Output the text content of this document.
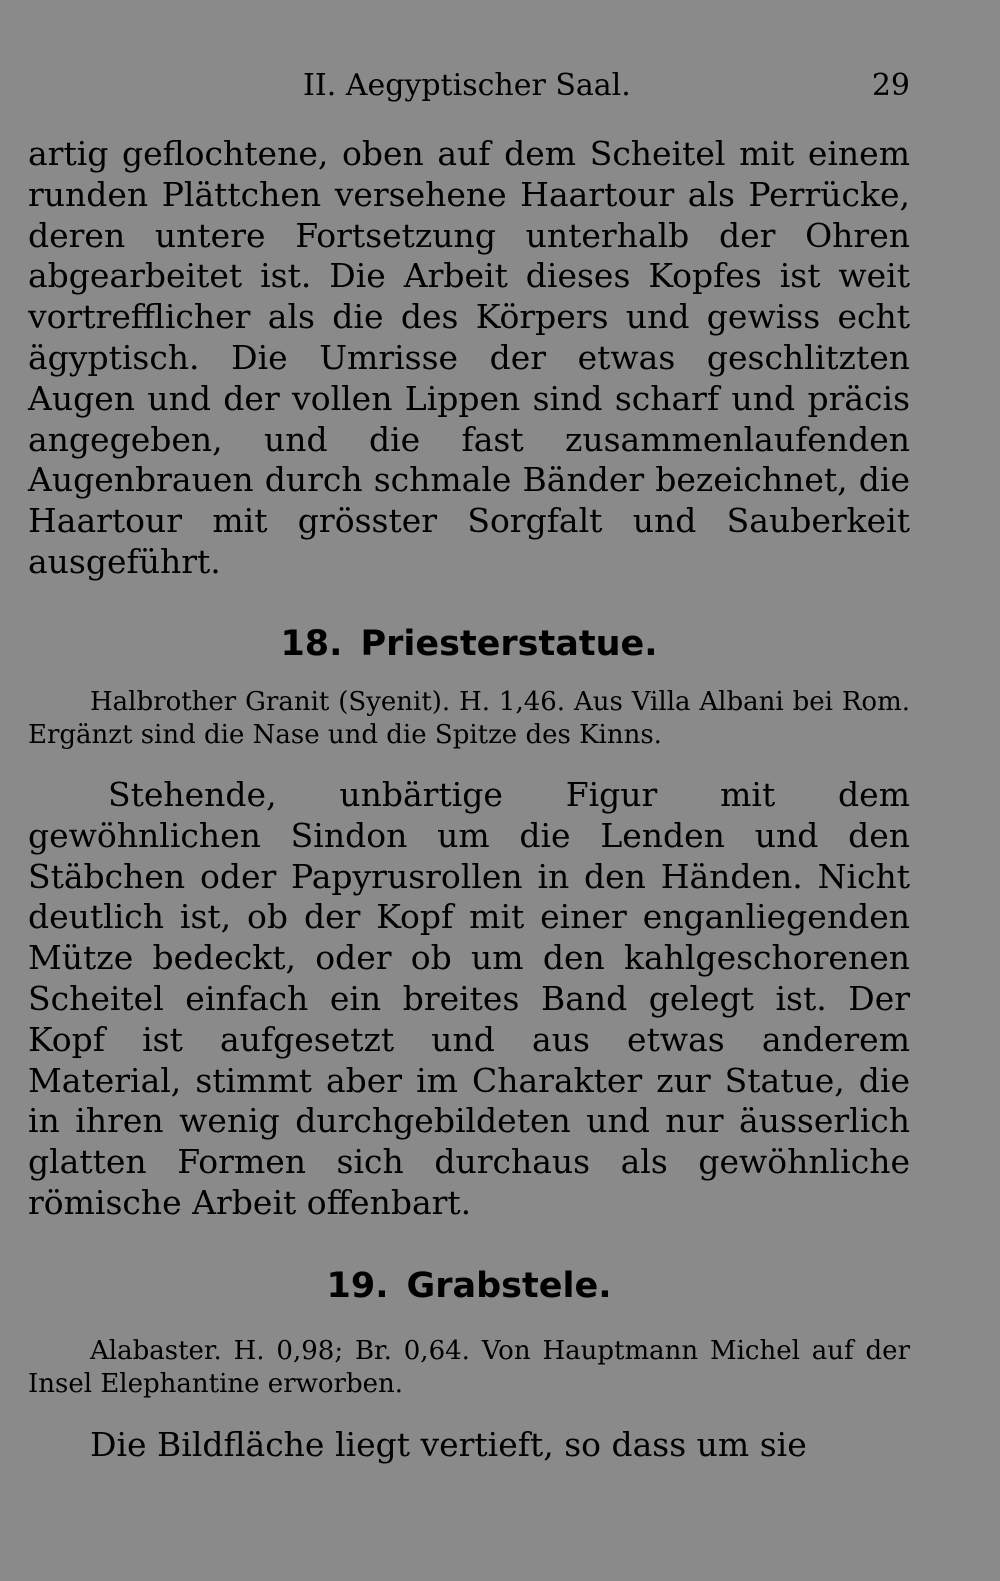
II. Aegyptischer Saal.	29

artig geflochtene, oben auf dem Scheitel mit einem runden Plättchen versehene Haartour als Perrücke, deren untere Fortsetzung unterhalb der Ohren abgearbeitet ist. Die Arbeit dieses Kopfes ist weit vortrefflicher als die des Körpers und gewiss echt ägyptisch. Die Umrisse der etwas geschlitzten Augen und der vollen Lippen sind scharf und präcis angegeben, und die fast zusammenlaufenden Augenbrauen durch schmale Bänder bezeichnet, die Haartour mit grösster Sorgfalt und Sauberkeit ausgeführt.

18. Priesterstatue.

Halbrother Granit (Syenit). H. 1,46. Aus Villa Albani bei Rom. Ergänzt sind die Nase und die Spitze des Kinns.

Stehende, unbärtige Figur mit dem gewöhnlichen Sindon um die Lenden und den Stäbchen oder Papyrusrollen in den Händen. Nicht deutlich ist, ob der Kopf mit einer enganliegenden Mütze bedeckt, oder ob um den kahlgeschorenen Scheitel einfach ein breites Band gelegt ist. Der Kopf ist aufgesetzt und aus etwas anderem Material, stimmt aber im Charakter zur Statue, die in ihren wenig durchgebildeten und nur äusserlich glatten Formen sich durchaus als gewöhnliche römische Arbeit offenbart.

19. Grabstele.

Alabaster. H. 0,98; Br. 0,64. Von Hauptmann Michel auf der Insel Elephantine erworben.

Die Bildfläche liegt vertieft, so dass um sie
